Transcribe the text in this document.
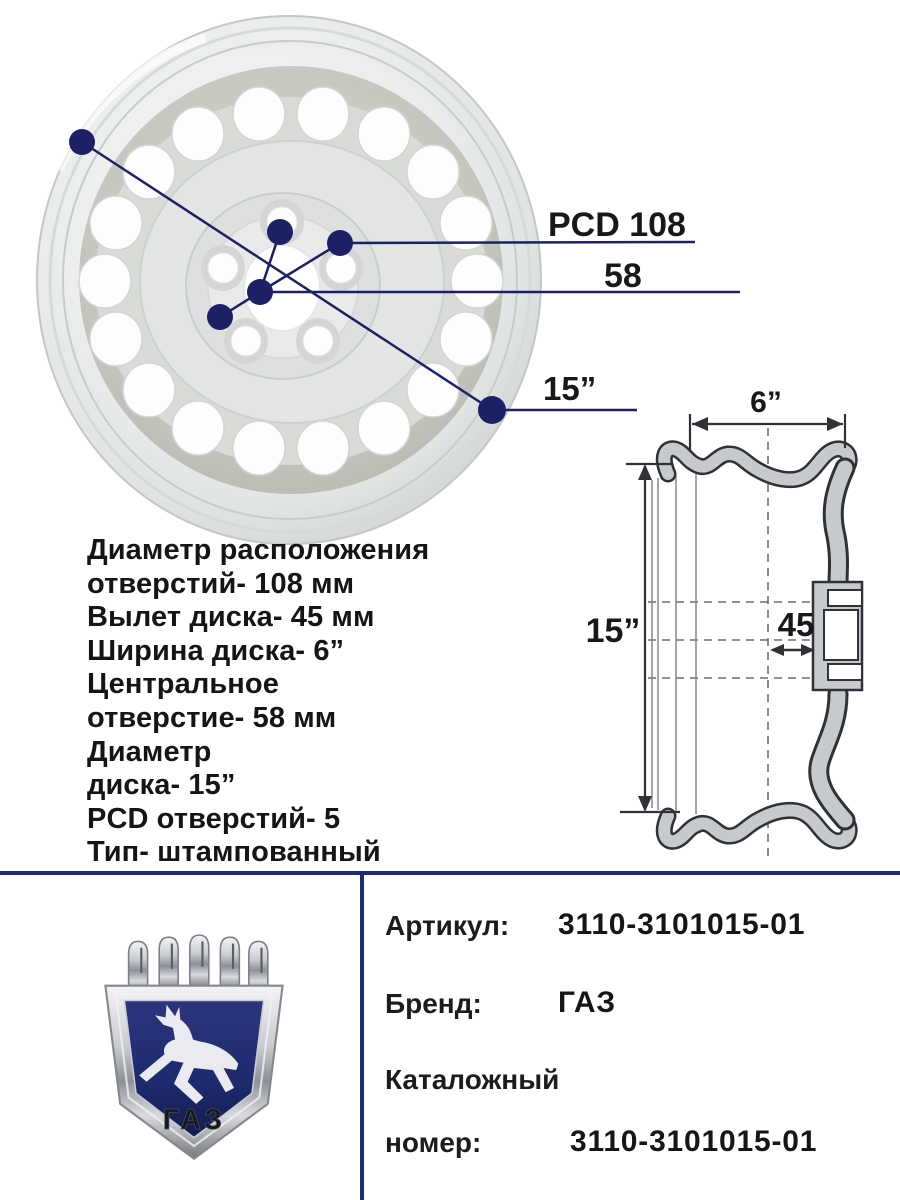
PCD 108
58
15”	6”
15”	45
Диаметр расположения
отверстий- 108 мм
Вылет диска- 45 мм
Ширина диска- 6”
Центральное
отверстие- 58 мм
Диаметр
диска- 15”
PCD отверстий- 5
Тип- штампованный
ГАЗ
Артикул: 3110-3101015-01
Бренд:	ГАЗ
Каталожный
номер:	3110-3101015-01
